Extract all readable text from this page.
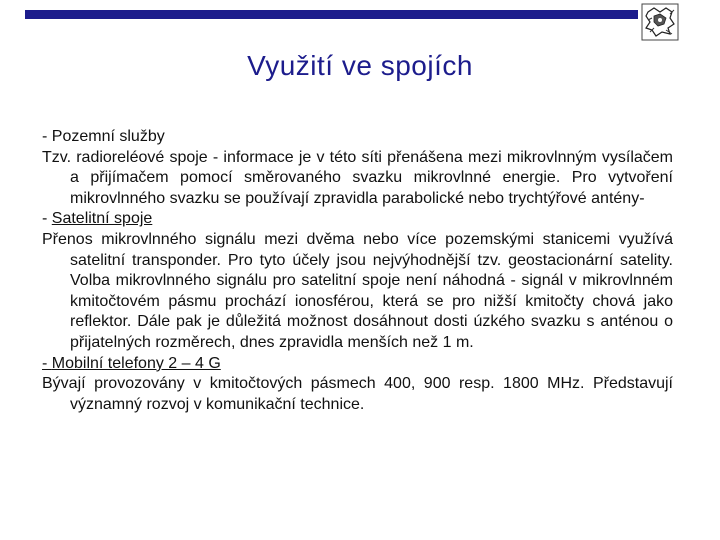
Využití ve spojích

- Pozemní služby

Tzv. radioreléové spoje - informace je v této síti přenášena mezi mikrovlnným vysílačem a přijímačem pomocí směrovaného svazku mikrovlnné energie. Pro vytvoření mikrovlnného svazku se používají zpravidla parabolické nebo trychtýřové antény-

- Satelitní spoje

Přenos mikrovlnného signálu mezi dvěma nebo více pozemskými stanicemi využívá satelitní transponder. Pro tyto účely jsou nejvýhodnější tzv. geostacionární satelity. Volba mikrovlnného signálu pro satelitní spoje není náhodná - signál v mikrovlnném kmitočtovém pásmu prochází ionosférou, která se pro nižší kmitočty chová jako reflektor. Dále pak je důležitá možnost dosáhnout dosti úzkého svazku s anténou o přijatelných rozměrech, dnes zpravidla menších než 1 m.

- Mobilní telefony 2 – 4 G

Bývají provozovány v kmitočtových pásmech 400, 900 resp. 1800 MHz. Představují významný rozvoj v komunikační technice.
